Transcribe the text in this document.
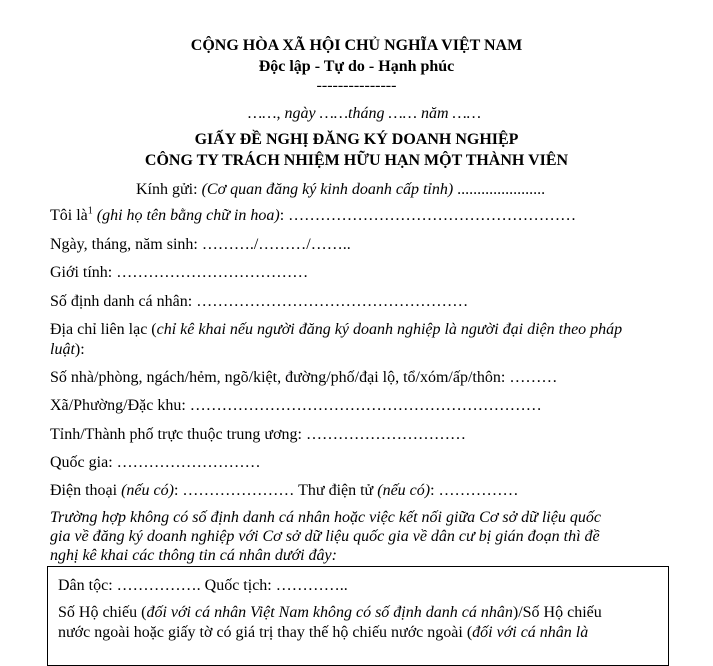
CỘNG HÒA XÃ HỘI CHỦ NGHĨA VIỆT NAM
Độc lập - Tự do - Hạnh phúc
---------------
……, ngày ……tháng …… năm ……
GIẤY ĐỀ NGHỊ ĐĂNG KÝ DOANH NGHIỆP
CÔNG TY TRÁCH NHIỆM HỮU HẠN MỘT THÀNH VIÊN
Kính gửi: (Cơ quan đăng ký kinh doanh cấp tỉnh) ......................
Tôi $là^1$ (ghi họ tên bằng chữ in hoa): ………………………………………………
Ngày, tháng, năm sinh: ………./………/……..
Giới tính: ………………………………
Số định danh cá nhân: ……………………………………………
Địa chỉ liên lạc (chỉ kê khai nếu người đăng ký doanh nghiệp là người đại diện theo pháp
luật):
Số nhà/phòng, ngách/hẻm, ngõ/kiệt, đường/phố/đại lộ, tổ/xóm/ấp/thôn: ………
Xã/Phường/Đặc khu: …………………………………………………………
Tỉnh/Thành phố trực thuộc trung ương: …………………………
Quốc gia: ………………………
Điện thoại (nếu có): ………………… Thư điện tử (nếu có): ……………
Trường hợp không có số định danh cá nhân hoặc việc kết nối giữa Cơ sở dữ liệu quốc
gia về đăng ký doanh nghiệp với Cơ sở dữ liệu quốc gia về dân cư bị gián đoạn thì đề
nghị kê khai các thông tin cá nhân dưới đây:
Dân tộc: ……………. Quốc tịch: …………..
Số Hộ chiếu (đối với cá nhân Việt Nam không có số định danh cá nhân)/Số Hộ chiếu
nước ngoài hoặc giấy tờ có giá trị thay thế hộ chiếu nước ngoài (đối với cá nhân là
